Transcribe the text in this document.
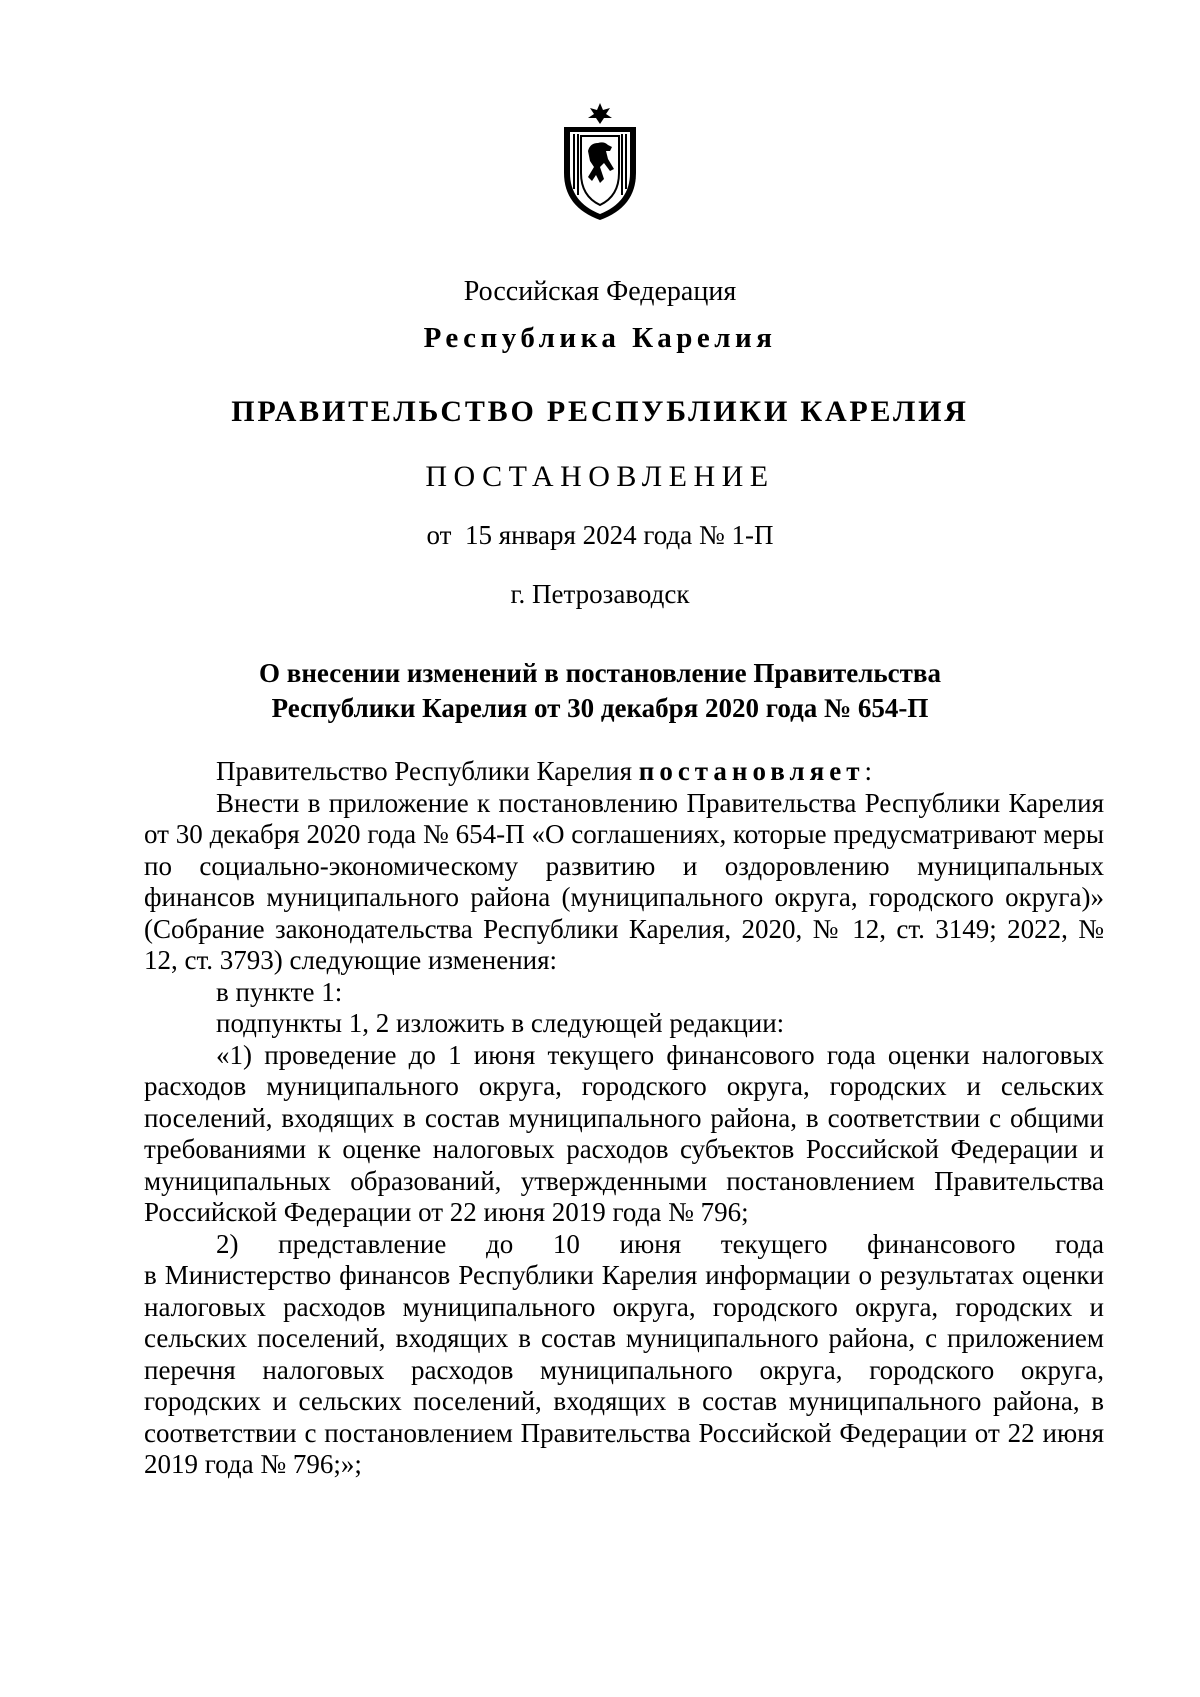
Российская Федерация
Республика Карелия
ПРАВИТЕЛЬСТВО РЕСПУБЛИКИ КАРЕЛИЯ
ПОСТАНОВЛЕНИЕ
от  15 января 2024 года № 1-П
г. Петрозаводск
О внесении изменений в постановление Правительства
Республики Карелия от 30 декабря 2020 года № 654-П

Правительство Республики Карелия постановляет:

Внести в приложение к постановлению Правительства Республики Карелия от 30 декабря 2020 года № 654-П «О соглашениях, которые предусматривают меры по социально-экономическому развитию и оздоровлению муниципальных финансов муниципального района (муниципального округа, городского округа)» (Собрание законодательства Республики Карелия, 2020, № 12, ст. 3149; 2022, № 12, ст. 3793) следующие изменения:

в пункте 1:

подпункты 1, 2 изложить в следующей редакции:

«1) проведение до 1 июня текущего финансового года оценки налоговых расходов муниципального округа, городского округа, городских и сельских поселений, входящих в состав муниципального района, в соответствии с общими требованиями к оценке налоговых расходов субъектов Российской Федерации и муниципальных образований, утвержденными постановлением Правительства Российской Федерации от 22 июня 2019 года № 796;

2) представление до 10 июня текущего финансового года

в Министерство финансов Республики Карелия информации о результатах оценки налоговых расходов муниципального округа, городского округа, городских и сельских поселений, входящих в состав муниципального района, с приложением перечня налоговых расходов муниципального округа, городского округа, городских и сельских поселений, входящих в состав муниципального района, в соответствии с постановлением Правительства Российской Федерации от 22 июня 2019 года № 796;»;
